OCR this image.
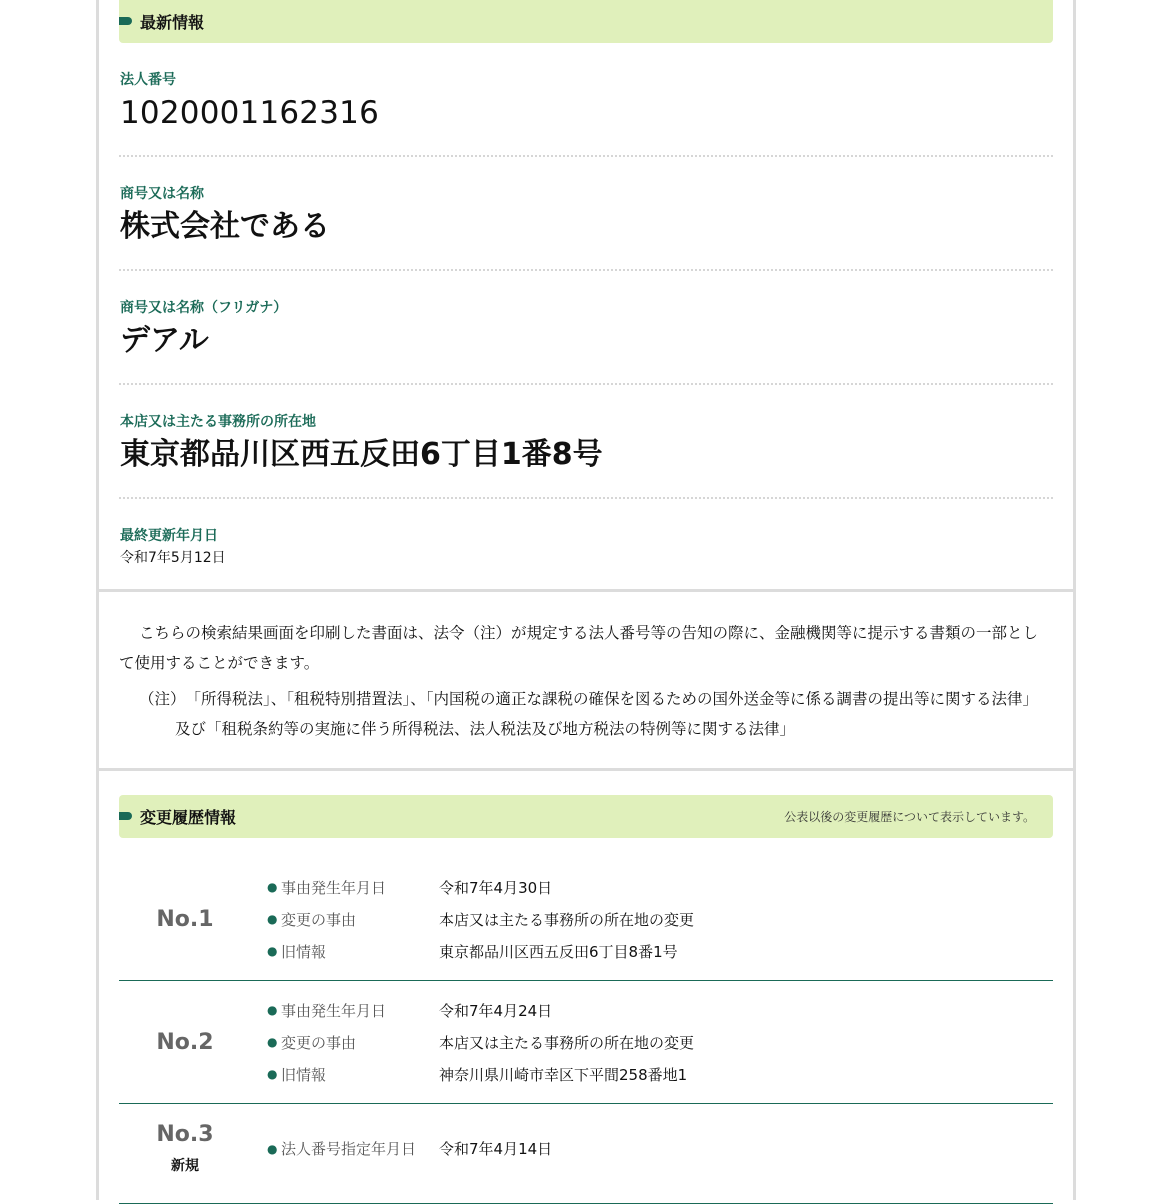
最新情報
法人番号
1020001162316
商号又は名称
株式会社である
商号又は名称（フリガナ）
デアル
本店又は主たる事務所の所在地
東京都品川区西五反田6丁目1番8号
最終更新年月日
令和7年5月12日

こちらの検索結果画面を印刷した書面は、法令（注）が規定する法人番号等の告知の際に、金融機関等に提示する書類の一部として使用することができます。

（注）　「所得税法」、「租税特別措置法」、「内国税の適正な課税の確保を図るための国外送金等に係る調書の提出等に関する法律」及び「租税条約等の実施に伴う所得税法、法人税法及び地方税法の特例等に関する法律」

変更履歴情報	公表以後の変更履歴について表示しています。
No.1
● 事由発生年月日	令和7年4月30日
● 変更の事由	本店又は主たる事務所の所在地の変更
● 旧情報	東京都品川区西五反田6丁目8番1号
No.2
● 事由発生年月日	令和7年4月24日
● 変更の事由	本店又は主たる事務所の所在地の変更
● 旧情報	神奈川県川崎市幸区下平間258番地1
No.3
新規
● 法人番号指定年月日	令和7年4月14日
